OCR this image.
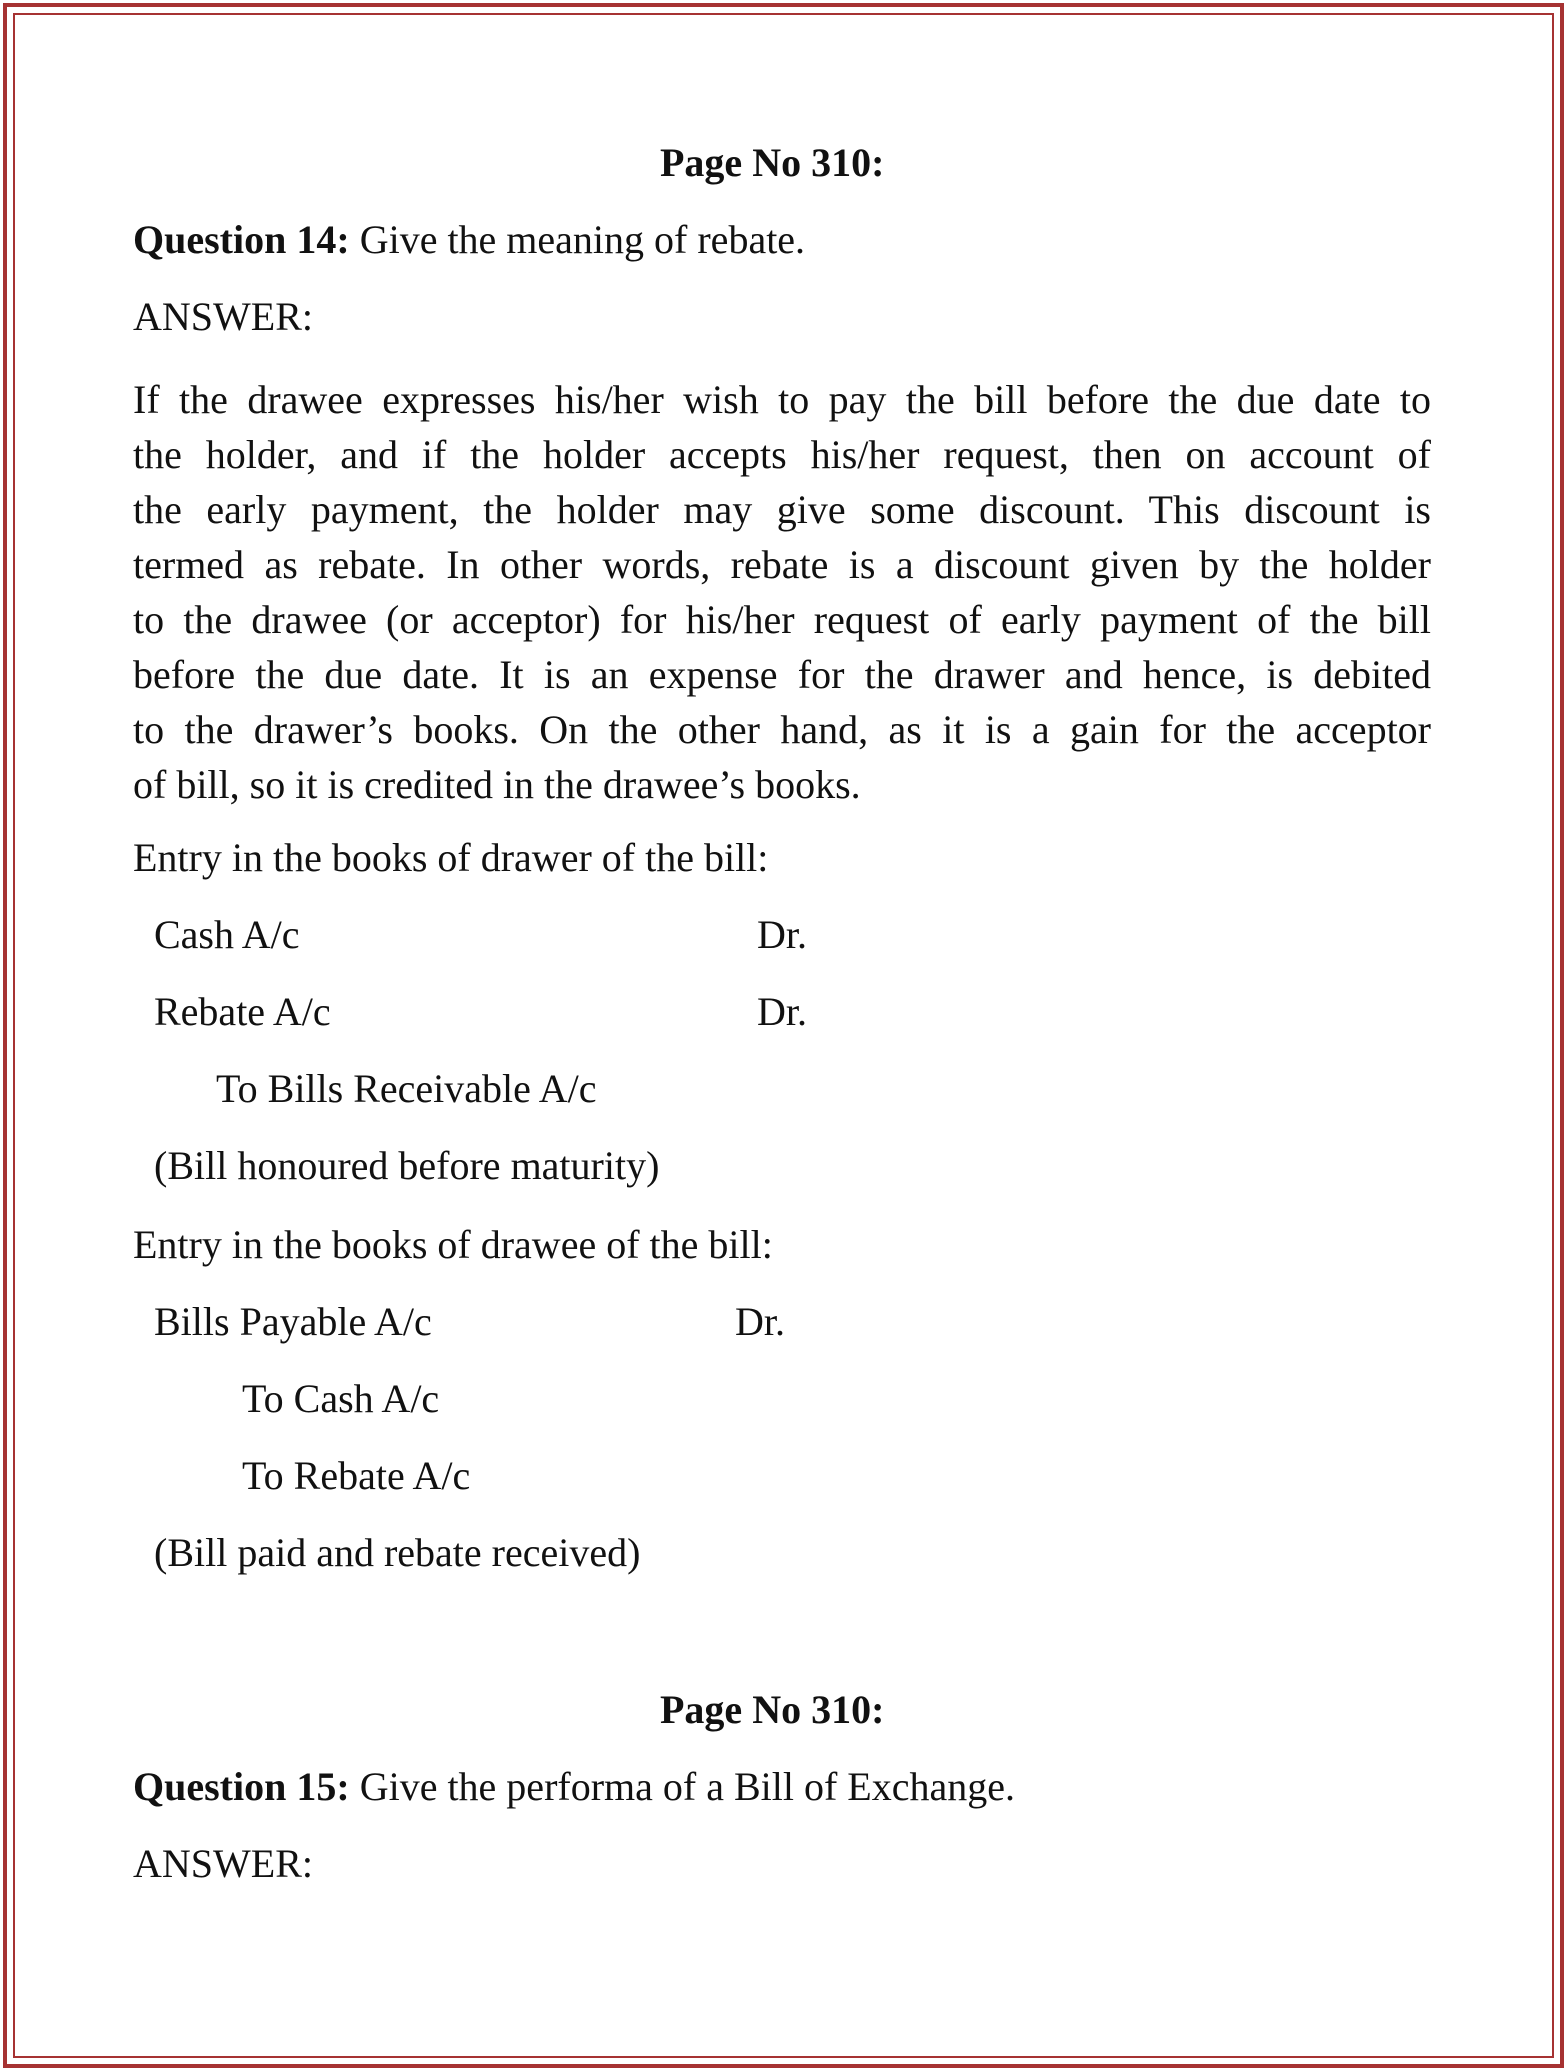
Page No 310:

Question 14: Give the meaning of rebate.

ANSWER:

If the drawee expresses his/her wish to pay the bill before the due date to
the holder, and if the holder accepts his/her request, then on account of
the early payment, the holder may give some discount. This discount is
termed as rebate. In other words, rebate is a discount given by the holder
to the drawee (or acceptor) for his/her request of early payment of the bill
before the due date. It is an expense for the drawer and hence, is debited
to the drawer’s books. On the other hand, as it is a gain for the acceptor
of bill, so it is credited in the drawee’s books.

Entry in the books of drawer of the bill:

Cash A/c	Dr.

Rebate A/c	Dr.

To Bills Receivable A/c

(Bill honoured before maturity)

Entry in the books of drawee of the bill:

Bills Payable A/c	Dr.

To Cash A/c

To Rebate A/c

(Bill paid and rebate received)

Page No 310:

Question 15: Give the performa of a Bill of Exchange.

ANSWER:
